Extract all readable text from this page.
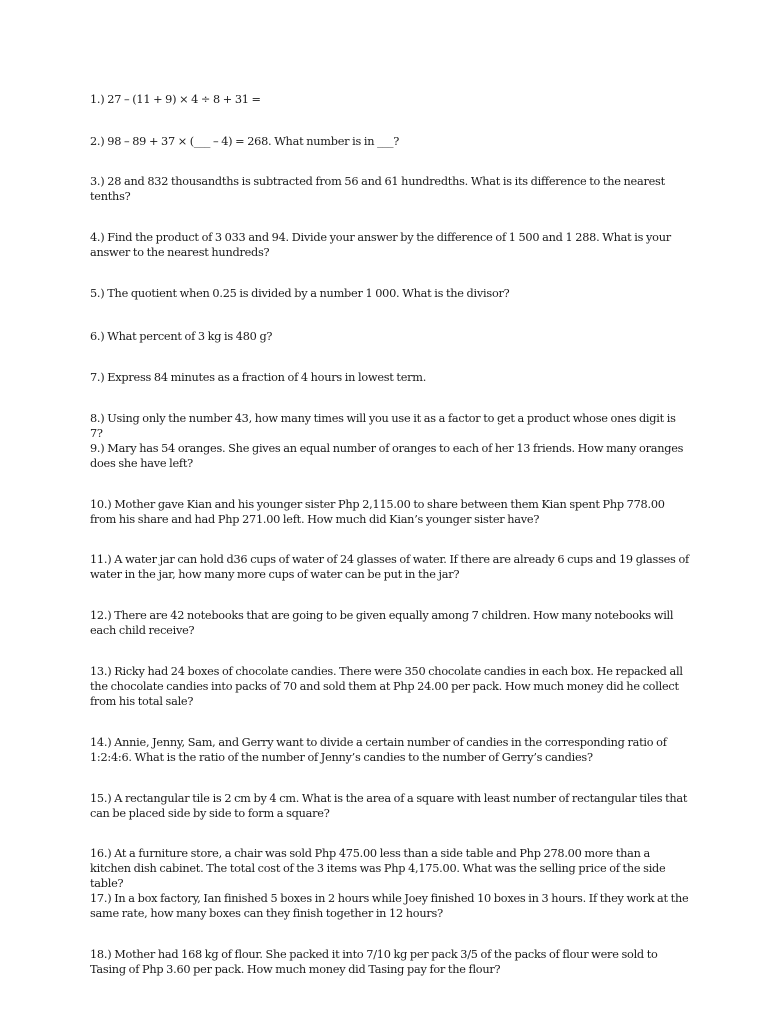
1.) 27 – (11 + 9) × 4 ÷ 8 + 31 =

2.) 98 – 89 + 37 × (___ – 4) = 268. What number is in ___?

3.) 28 and 832 thousandths is subtracted from 56 and 61 hundredths. What is its difference to the nearest tenths?

4.) Find the product of 3 033 and 94. Divide your answer by the difference of 1 500 and 1 288. What is your answer to the nearest hundreds?

5.) The quotient when 0.25 is divided by a number 1 000. What is the divisor?

6.) What percent of 3 kg is 480 g?

7.) Express 84 minutes as a fraction of 4 hours in lowest term.

8.) Using only the number 43, how many times will you use it as a factor to get a product whose ones digit is 7?

9.) Mary has 54 oranges. She gives an equal number of oranges to each of her 13 friends. How many oranges does she have left?

10.) Mother gave Kian and his younger sister Php 2,115.00 to share between them Kian spent Php 778.00 from his share and had Php 271.00 left. How much did Kian’s younger sister have?

11.) A water jar can hold d36 cups of water of 24 glasses of water. If there are already 6 cups and 19 glasses of water in the jar, how many more cups of water can be put in the jar?

12.) There are 42 notebooks that are going to be given equally among 7 children. How many notebooks will each child receive?

13.) Ricky had 24 boxes of chocolate candies. There were 350 chocolate candies in each box. He repacked all the chocolate candies into packs of 70 and sold them at Php 24.00 per pack. How much money did he collect from his total sale?

14.) Annie, Jenny, Sam, and Gerry want to divide a certain number of candies in the corresponding ratio of 1:2:4:6. What is the ratio of the number of Jenny’s candies to the number of Gerry’s candies?

15.) A rectangular tile is 2 cm by 4 cm. What is the area of a square with least number of rectangular tiles that can be placed side by side to form a square?

16.) At a furniture store, a chair was sold Php 475.00 less than a side table and Php 278.00 more than a kitchen dish cabinet. The total cost of the 3 items was Php 4,175.00. What was the selling price of the side table?

17.) In a box factory, Ian finished 5 boxes in 2 hours while Joey finished 10 boxes in 3 hours. If they work at the same rate, how many boxes can they finish together in 12 hours?

18.) Mother had 168 kg of flour. She packed it into 7/10 kg per pack 3/5 of the packs of flour were sold to Tasing of Php 3.60 per pack. How much money did Tasing pay for the flour?
